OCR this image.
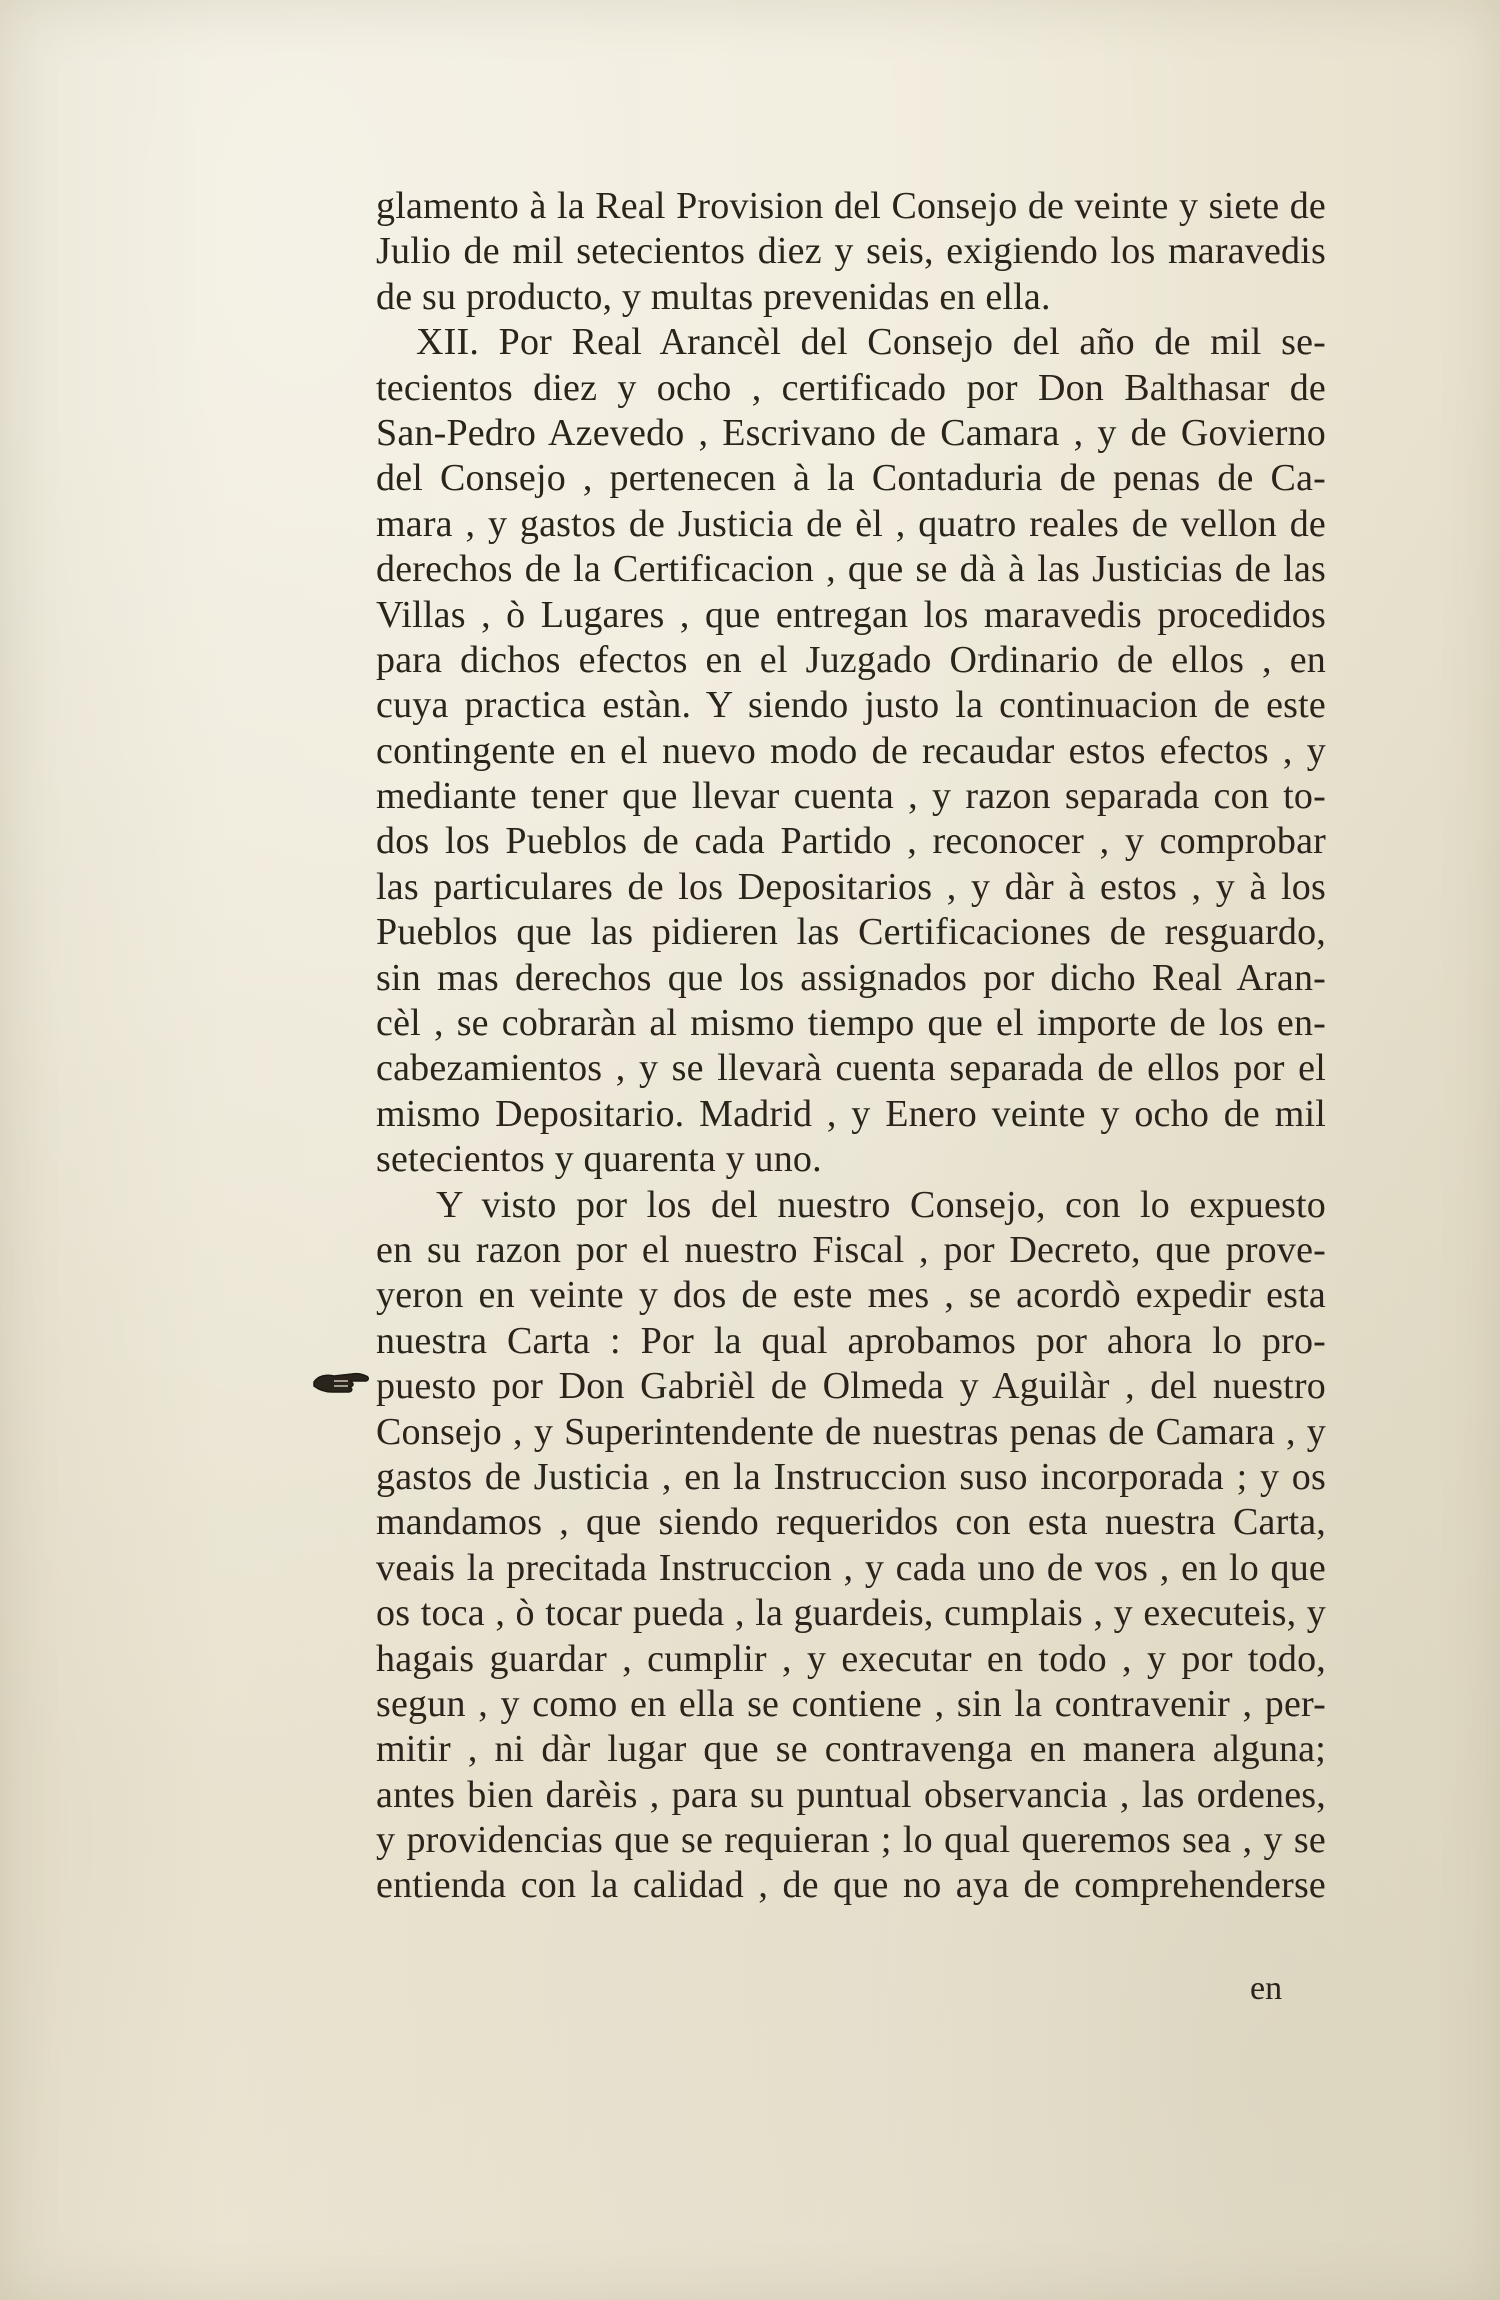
glamento à la Real Provision del Consejo de veinte y siete de
Julio de mil setecientos diez y seis, exigiendo los maravedis
de su producto, y multas prevenidas en ella.
XII. Por Real Arancèl del Consejo del año de mil se-
tecientos diez y ocho , certificado por Don Balthasar de
San-Pedro Azevedo , Escrivano de Camara , y de Govierno
del Consejo , pertenecen à la Contaduria de penas de Ca-
mara , y gastos de Justicia de èl , quatro reales de vellon de
derechos de la Certificacion , que se dà à las Justicias de las
Villas , ò Lugares , que entregan los maravedis procedidos
para dichos efectos en el Juzgado Ordinario de ellos , en
cuya practica estàn. Y siendo justo la continuacion de este
contingente en el nuevo modo de recaudar estos efectos , y
mediante tener que llevar cuenta , y razon separada con to-
dos los Pueblos de cada Partido , reconocer , y comprobar
las particulares de los Depositarios , y dàr à estos , y à los
Pueblos que las pidieren las Certificaciones de resguardo,
sin mas derechos que los assignados por dicho Real Aran-
cèl , se cobraràn al mismo tiempo que el importe de los en-
cabezamientos , y se llevarà cuenta separada de ellos por el
mismo Depositario. Madrid , y Enero veinte y ocho de mil
setecientos y quarenta y uno.
Y visto por los del nuestro Consejo, con lo expuesto
en su razon por el nuestro Fiscal , por Decreto, que prove-
yeron en veinte y dos de este mes , se acordò expedir esta
nuestra Carta : Por la qual aprobamos por ahora lo pro-
puesto por Don Gabrièl de Olmeda y Aguilàr , del nuestro
Consejo , y Superintendente de nuestras penas de Camara , y
gastos de Justicia , en la Instruccion suso incorporada ; y os
mandamos , que siendo requeridos con esta nuestra Carta,
veais la precitada Instruccion , y cada uno de vos , en lo que
os toca , ò tocar pueda , la guardeis, cumplais , y executeis, y
hagais guardar , cumplir , y executar en todo , y por todo,
segun , y como en ella se contiene , sin la contravenir , per-
mitir , ni dàr lugar que se contravenga en manera alguna;
antes bien darèis , para su puntual observancia , las ordenes,
y providencias que se requieran ; lo qual queremos sea , y se
entienda con la calidad , de que no aya de comprehenderse
en
